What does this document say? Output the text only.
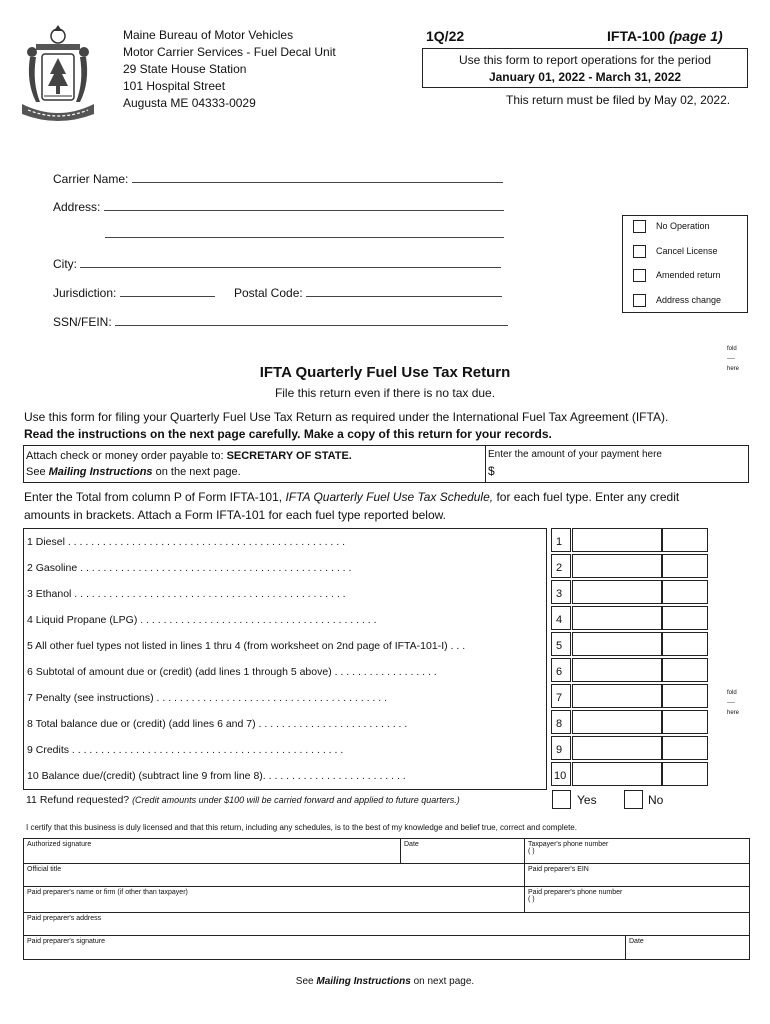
Maine Bureau of Motor Vehicles
Motor Carrier Services - Fuel Decal Unit
29 State House Station
101 Hospital Street
Augusta ME 04333-0029
1Q/22	IFTA-100 (page 1)
Use this form to report operations for the period
January 01, 2022 - March 31, 2022
This return must be filed by May 02, 2022.
Carrier Name:
Address:
City:
Jurisdiction:	Postal Code:
SSN/FEIN:
No Operation
Cancel License
Amended return
Address change
fold
----
here
fold
----
here
IFTA Quarterly Fuel Use Tax Return
File this return even if there is no tax due.
Use this form for filing your Quarterly Fuel Use Tax Return as required under the International Fuel Tax Agreement (IFTA).
Read the instructions on the next page carefully. Make a copy of this return for your records.
Attach check or money order payable to: SECRETARY OF STATE.
See Mailing Instructions on the next page.
Enter the amount of your payment here
$
Enter the Total from column P of Form IFTA-101, IFTA Quarterly Fuel Use Tax Schedule, for each fuel type. Enter any credit
amounts in brackets. Attach a Form IFTA-101 for each fuel type reported below.
1 Diesel . . . . . . . . . . . . . . . . . . . . . . . . . . . . . . . . . . . . . . . . . . . . . . . .	1
2 Gasoline . . . . . . . . . . . . . . . . . . . . . . . . . . . . . . . . . . . . . . . . . . . . . . .	2
3 Ethanol . . . . . . . . . . . . . . . . . . . . . . . . . . . . . . . . . . . . . . . . . . . . . . .	3
4 Liquid Propane (LPG) . . . . . . . . . . . . . . . . . . . . . . . . . . . . . . . . . . . . . . . . .	4
5 All other fuel types not listed in lines 1 thru 4 (from worksheet on 2nd page of IFTA-101-I) . . .	5
6 Subtotal of amount due or (credit) (add lines 1 through 5 above) . . . . . . . . . . . . . . . . . .	6
7 Penalty (see instructions) . . . . . . . . . . . . . . . . . . . . . . . . . . . . . . . . . . . . . . . .	7
8 Total balance due or (credit) (add lines 6 and 7) . . . . . . . . . . . . . . . . . . . . . . . . . .	8
9 Credits . . . . . . . . . . . . . . . . . . . . . . . . . . . . . . . . . . . . . . . . . . . . . . .	9
10 Balance due/(credit) (subtract line 9 from line 8). . . . . . . . . . . . . . . . . . . . . . . . .	10
11 Refund requested? (Credit amounts under $100 will be carried forward and applied to future quarters.)	Yes	No
I certify that this business is duly licensed and that this return, including any schedules, is to the best of my knowledge and belief true, correct and complete.
Authorized signature	Date	Taxpayer's phone number
( )
Official title	Paid preparer's EIN
Paid preparer's name or firm (if other than taxpayer)	Paid preparer's phone number
( )
Paid preparer's address
Paid preparer's signature	Date
See Mailing Instructions on next page.
